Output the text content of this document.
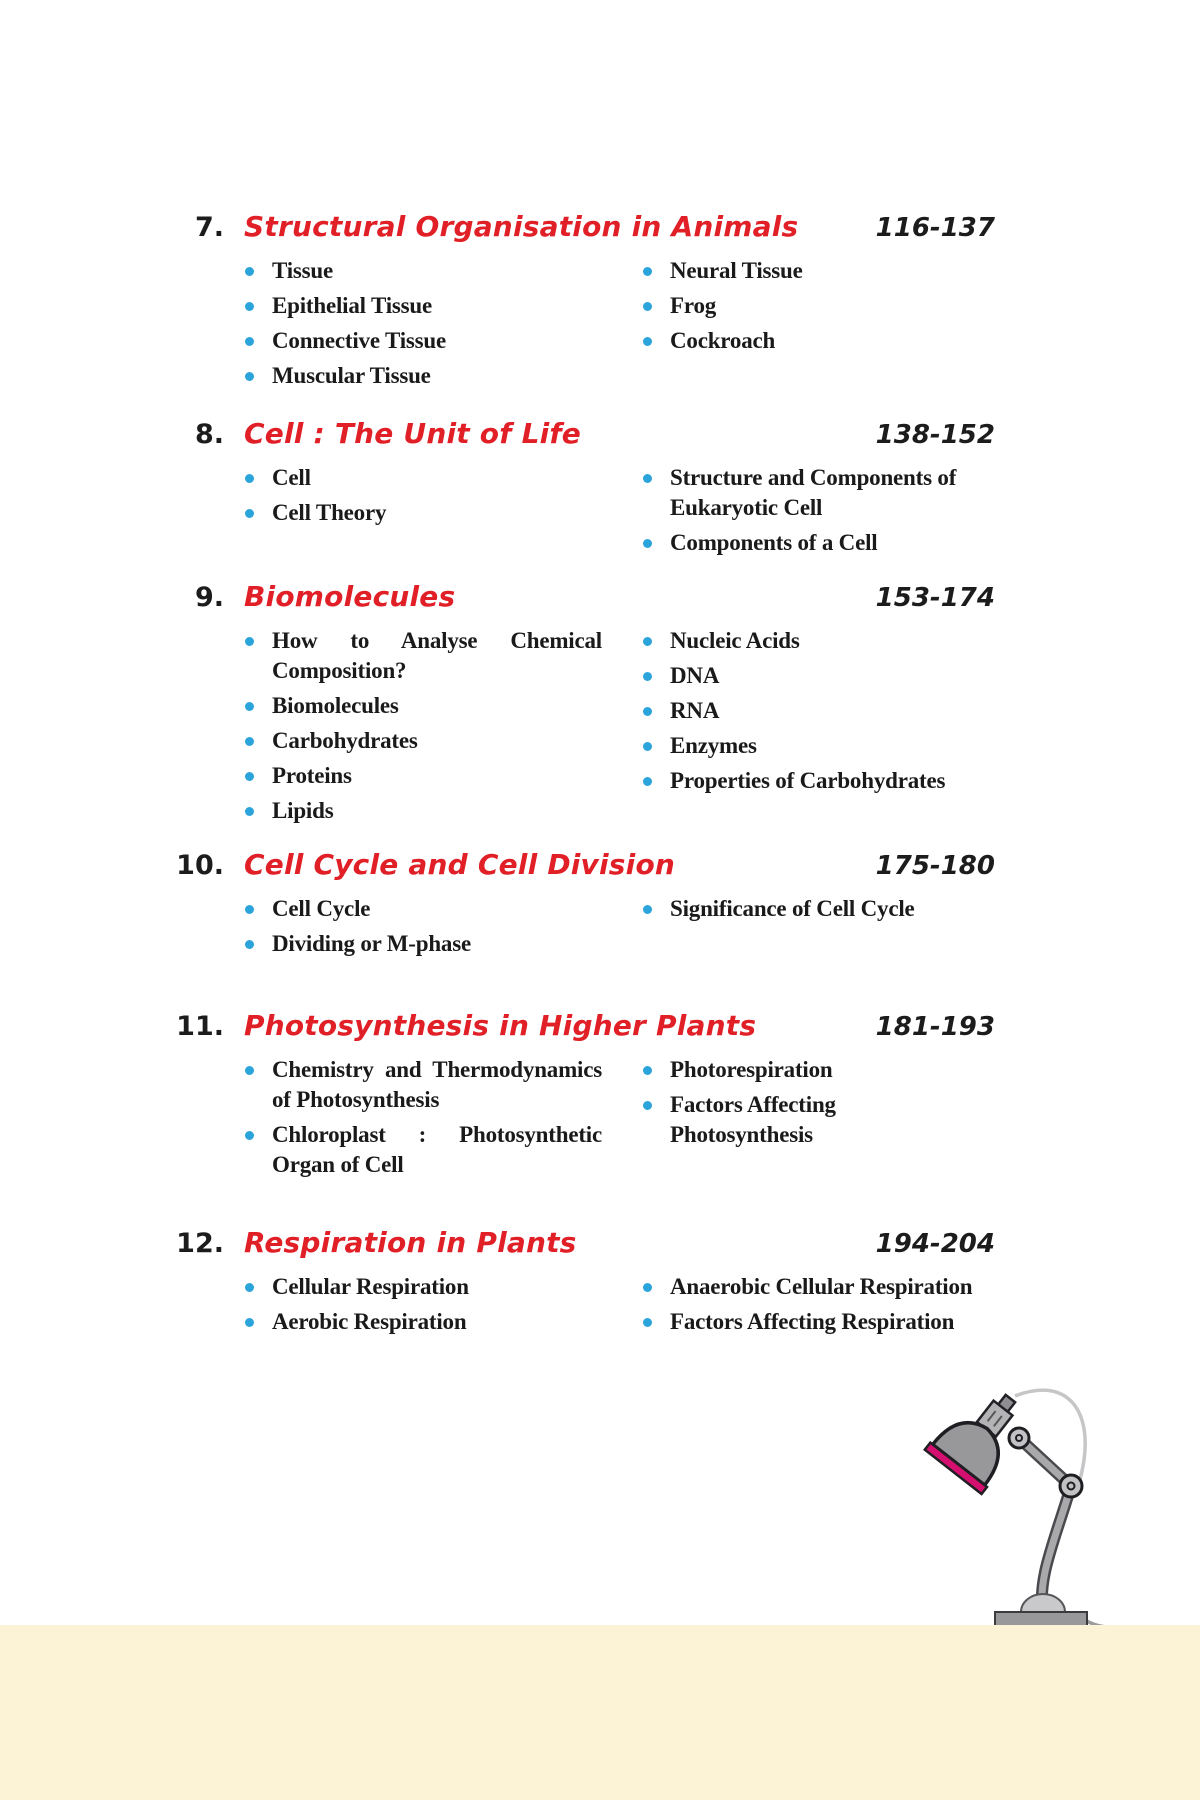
7. Structural Organisation in Animals	116-137
Tissue
Epithelial Tissue
Connective Tissue
Muscular Tissue
Neural Tissue
Frog
Cockroach
8. Cell : The Unit of Life	138-152
Cell
Cell Theory
Structure and Components of Eukaryotic Cell
Components of a Cell
9. Biomolecules	153-174
How to Analyse Chemical Composition?
Biomolecules
Carbohydrates
Proteins
Lipids
Nucleic Acids
DNA
RNA
Enzymes
Properties of Carbohydrates
10. Cell Cycle and Cell Division	175-180
Cell Cycle
Dividing or M-phase
Significance of Cell Cycle
11. Photosynthesis in Higher Plants	181-193
Chemistry and Thermodynamics of Photosynthesis
Chloroplast : Photosynthetic Organ of Cell
Photorespiration
Factors Affecting Photosynthesis
12. Respiration in Plants	194-204
Cellular Respiration
Aerobic Respiration
Anaerobic Cellular Respiration
Factors Affecting Respiration
